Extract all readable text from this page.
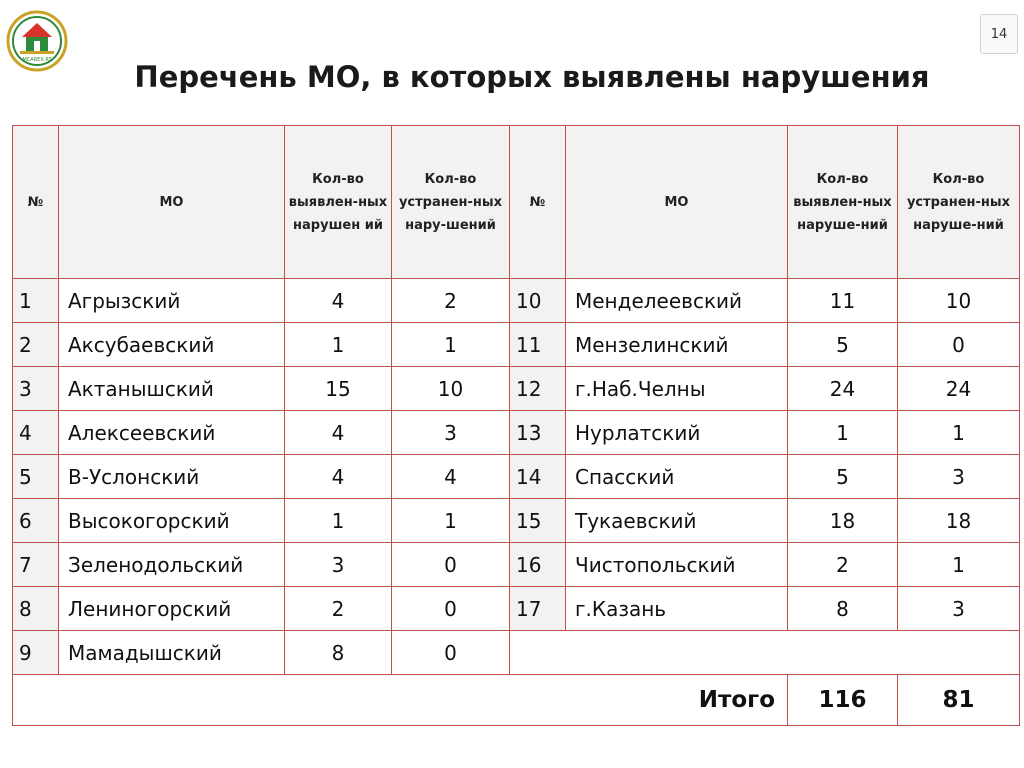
MCAREX.RT
14
Перечень МО, в которых выявлены нарушения
№	МО	Кол-во выявлен-ных нарушен ий	Кол-во устранен-ных нару-шений	№	МО	Кол-во выявлен-ных наруше-ний	Кол-во устранен-ных наруше-ний
1	Агрызский	4	2	10	Менделеевский	11	10
2	Аксубаевский	1	1	11	Мензелинский	5	0
3	Актанышский	15	10	12	г.Наб.Челны	24	24
4	Алексеевский	4	3	13	Нурлатский	1	1
5	В-Услонский	4	4	14	Спасский	5	3
6	Высокогорский	1	1	15	Тукаевский	18	18
7	Зеленодольский	3	0	16	Чистопольский	2	1
8	Лениногорский	2	0	17	г.Казань	8	3
9	Мамадышский	8	0				
Итого						116	81
